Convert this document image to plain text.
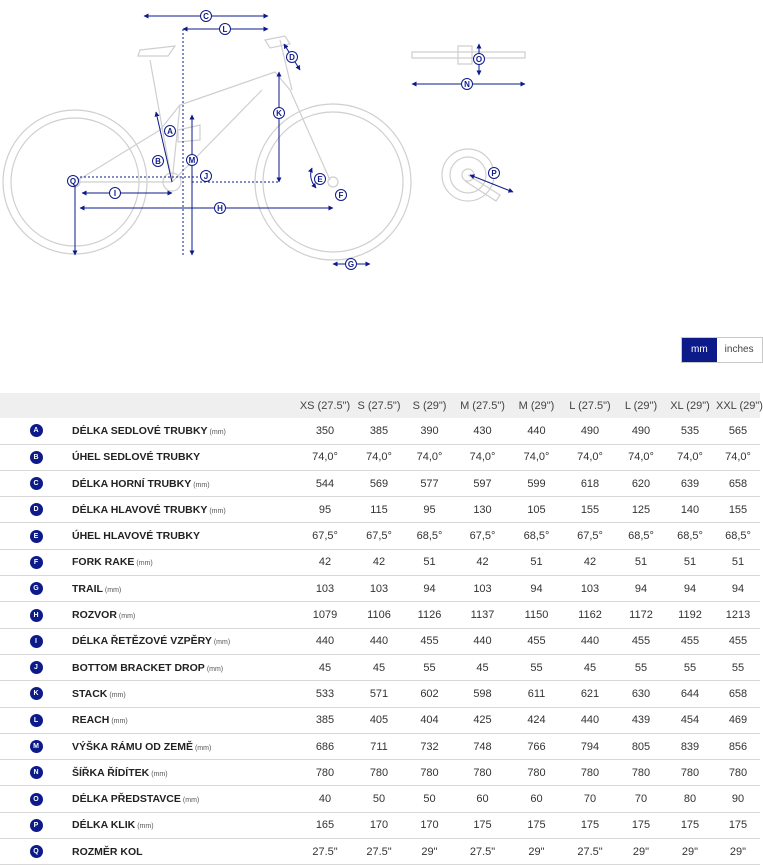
C
L
D
K
A
B	M
J
Q
I
H
E
F
G
O
N
P
mm	inches
		XS (27.5")	S (27.5")	S (29")	M (27.5")	M (29")	L (27.5")	L (29")	XL (29")	XXL (29")
A	DÉLKA SEDLOVÉ TRUBKY (mm)	350	385	390	430	440	490	490	535	565
B	ÚHEL SEDLOVÉ TRUBKY	74,0°	74,0°	74,0°	74,0°	74,0°	74,0°	74,0°	74,0°	74,0°
C	DÉLKA HORNÍ TRUBKY (mm)	544	569	577	597	599	618	620	639	658
D	DÉLKA HLAVOVÉ TRUBKY (mm)	95	115	95	130	105	155	125	140	155
E	ÚHEL HLAVOVÉ TRUBKY	67,5°	67,5°	68,5°	67,5°	68,5°	67,5°	68,5°	68,5°	68,5°
F	FORK RAKE (mm)	42	42	51	42	51	42	51	51	51
G	TRAIL (mm)	103	103	94	103	94	103	94	94	94
H	ROZVOR (mm)	1079	1106	1126	1137	1150	1162	1172	1192	1213
I	DÉLKA ŘETĚZOVÉ VZPĚRY (mm)	440	440	455	440	455	440	455	455	455
J	BOTTOM BRACKET DROP (mm)	45	45	55	45	55	45	55	55	55
K	STACK (mm)	533	571	602	598	611	621	630	644	658
L	REACH (mm)	385	405	404	425	424	440	439	454	469
M	VÝŠKA RÁMU OD ZEMĚ (mm)	686	711	732	748	766	794	805	839	856
N	ŠÍŘKA ŘÍDÍTEK (mm)	780	780	780	780	780	780	780	780	780
O	DÉLKA PŘEDSTAVCE (mm)	40	50	50	60	60	70	70	80	90
P	DÉLKA KLIK (mm)	165	170	170	175	175	175	175	175	175
Q	ROZMĚR KOL	27.5"	27.5"	29"	27.5"	29"	27.5"	29"	29"	29"
